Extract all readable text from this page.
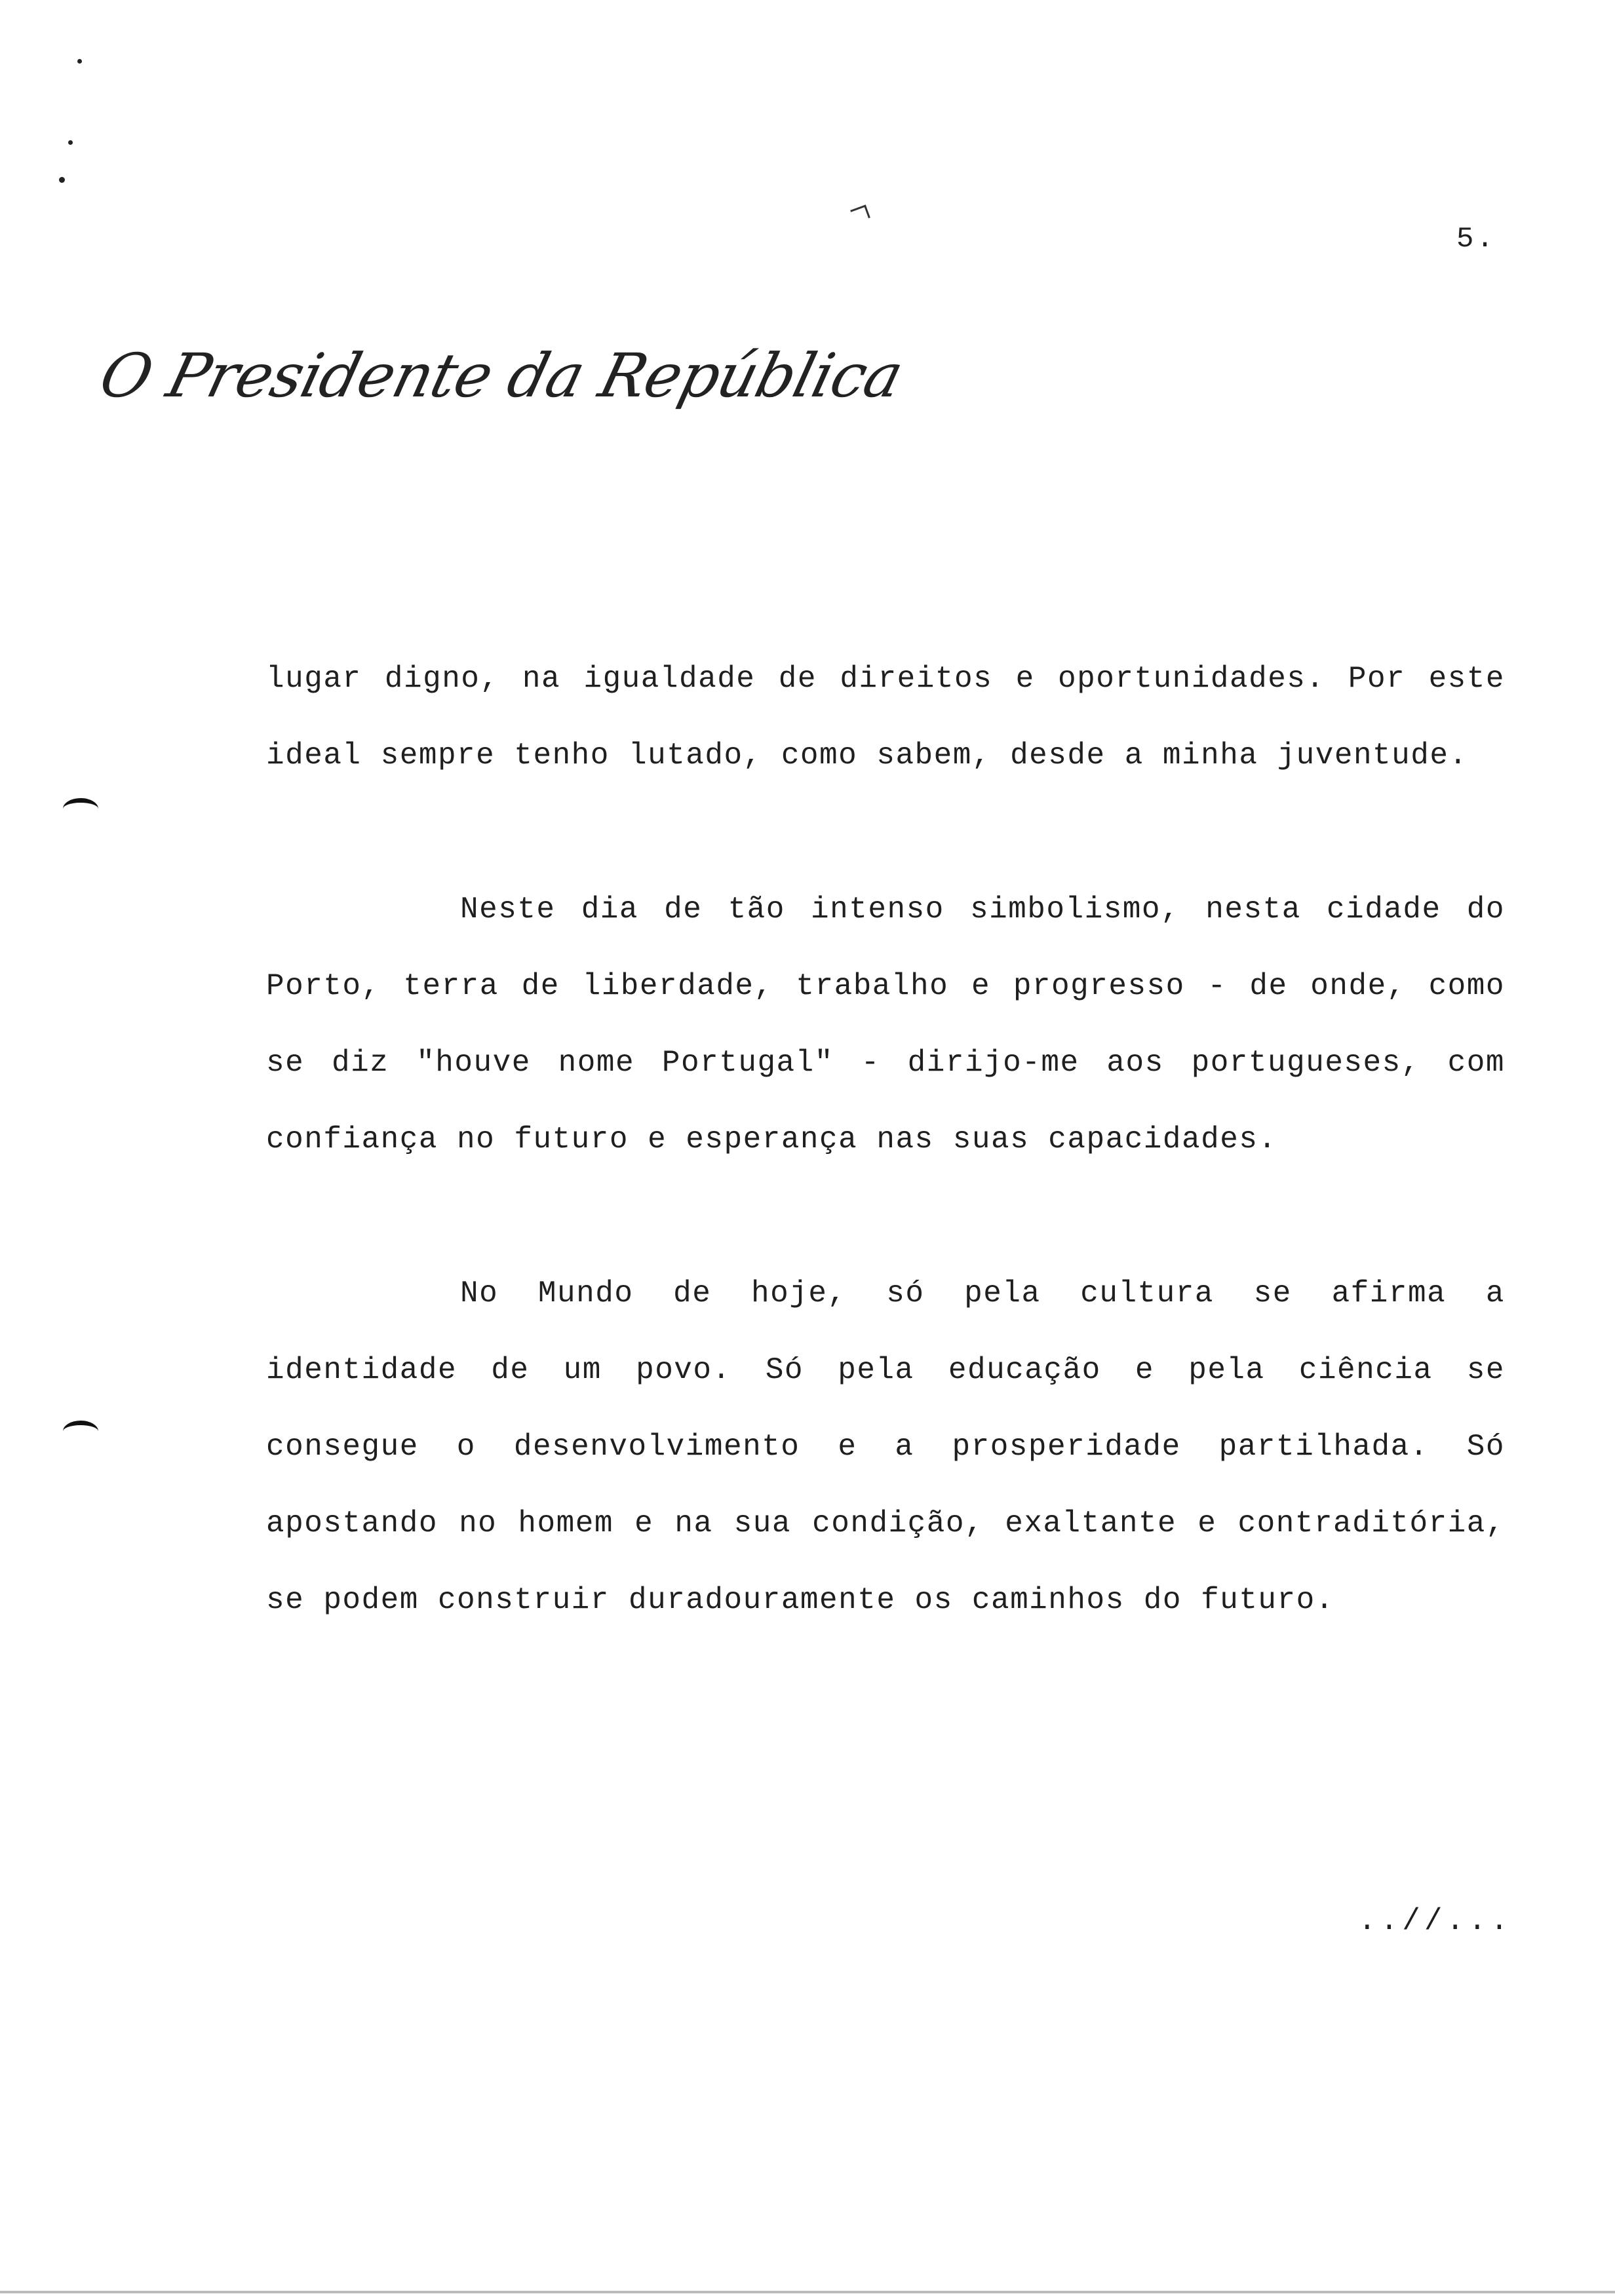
5.
O Presidente da República

lugar digno, na igualdade de direitos e oportunidades. Por este ideal sempre tenho lutado, como sabem, desde a minha juventude.

Neste dia de tão intenso simbolismo, nesta cidade do Porto, terra de liberdade, trabalho e progresso - de onde, como se diz "houve nome Portugal" - dirijo-me aos portugueses, com confiança no futuro e esperança nas suas capacidades.

No Mundo de hoje, só pela cultura se afirma a identidade de um povo. Só pela educação e pela ciência se consegue o desenvolvimento e a prosperidade partilhada. Só apostando no homem e na sua condição, exaltante e contraditória, se podem construir duradouramente os caminhos do futuro.

..//...
